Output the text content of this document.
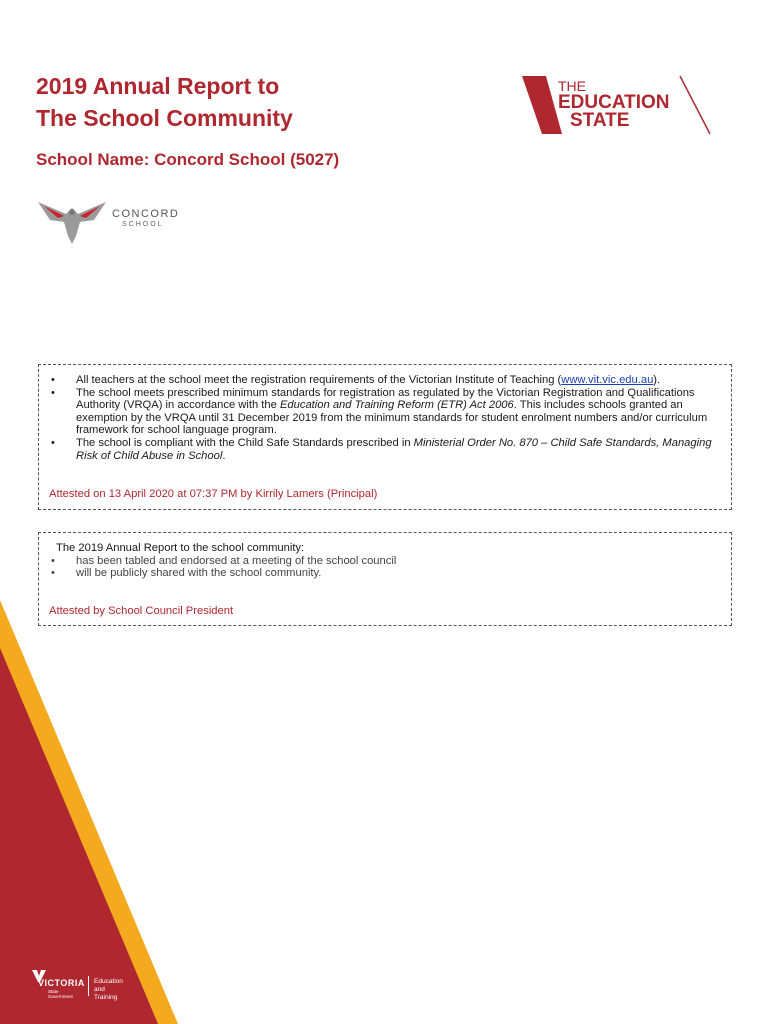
2019 Annual Report to
The School Community
School Name: Concord School (5027)
THE
EDUCATION
STATE
CONCORD
SCHOOL
• All teachers at the school meet the registration requirements of the Victorian Institute of Teaching (www.vit.vic.edu.au).
• The school meets prescribed minimum standards for registration as regulated by the Victorian Registration and Qualifications Authority (VRQA) in accordance with the Education and Training Reform (ETR) Act 2006. This includes schools granted an exemption by the VRQA until 31 December 2019 from the minimum standards for student enrolment numbers and/or curriculum framework for school language program.
• The school is compliant with the Child Safe Standards prescribed in Ministerial Order No. 870 – Child Safe Standards, Managing Risk of Child Abuse in School.

Attested on 13 April 2020 at 07:37 PM by Kirrily Lamers (Principal)

The 2019 Annual Report to the school community:

• has been tabled and endorsed at a meeting of the school council
• will be publicly shared with the school community.

Attested by School Council President

VICTORIA
State
Government
Education
and Training
